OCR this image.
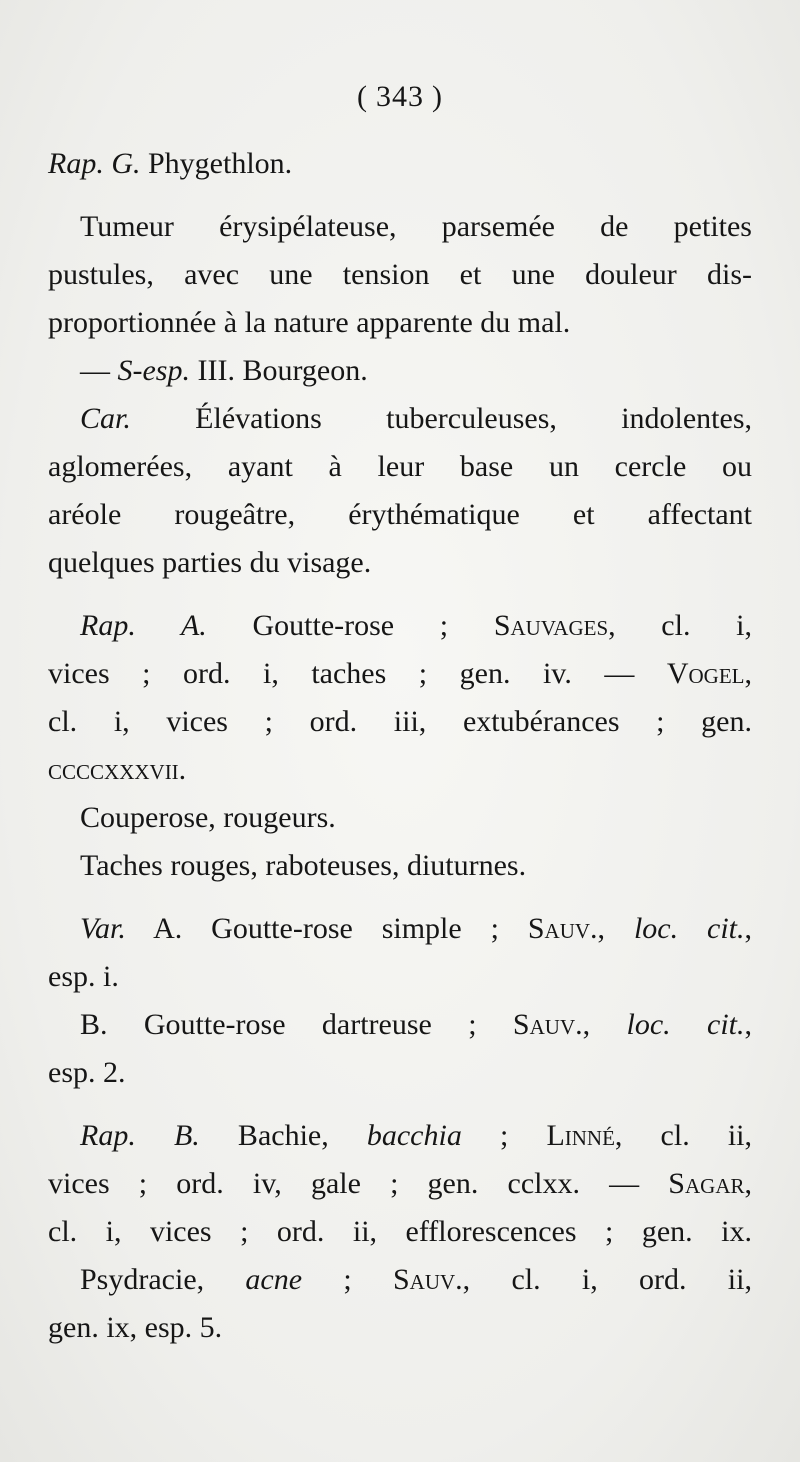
( 343 )
Rap. G. Phygethlon.
Tumeur érysipélateuse, parsemée de petites
pustules, avec une tension et une douleur dis-
proportionnée à la nature apparente du mal.
— S-esp. III. Bourgeon.
Car. Élévations tuberculeuses, indolentes,
aglomerées, ayant à leur base un cercle ou
aréole rougeâtre, érythématique et affectant
quelques parties du visage.
Rap. A. Goutte-rose ; Sauvages, cl. i,
vices ; ord. i, taches ; gen. iv. — Vogel,
cl. i, vices ; ord. iii, extubérances ; gen.
ccccxxxvii.
Couperose, rougeurs.
Taches rouges, raboteuses, diuturnes.
Var. A. Goutte-rose simple ; Sauv., loc. cit.,
esp. i.
B. Goutte-rose dartreuse ; Sauv., loc. cit.,
esp. 2.
Rap. B. Bachie, bacchia ; Linné, cl. ii,
vices ; ord. iv, gale ; gen. cclxx. — Sagar,
cl. i, vices ; ord. ii, efflorescences ; gen. ix.
Psydracie, acne ; Sauv., cl. i, ord. ii,
gen. ix, esp. 5.
